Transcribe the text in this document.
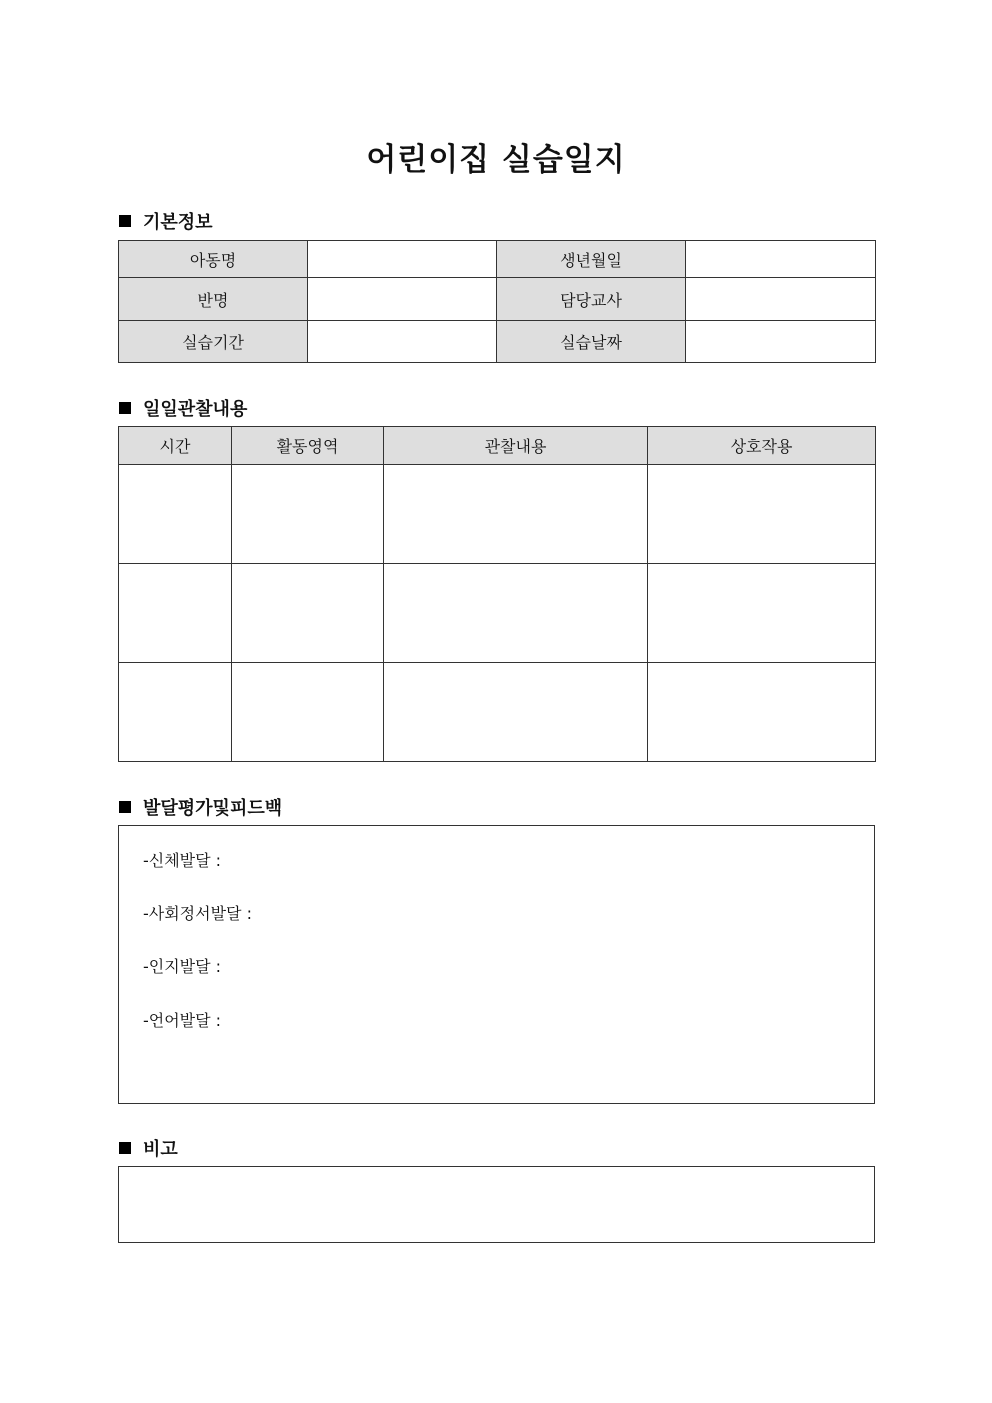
어린이집 실습일지
기본정보
아동명		생년월일	
반명		담당교사	
실습기간		실습날짜	
일일관찰내용
시간	활동영역	관찰내용	상호작용

발달평가및피드백
-신체발달 :
-사회정서발달 :
-인지발달 :
-언어발달 :
비고
